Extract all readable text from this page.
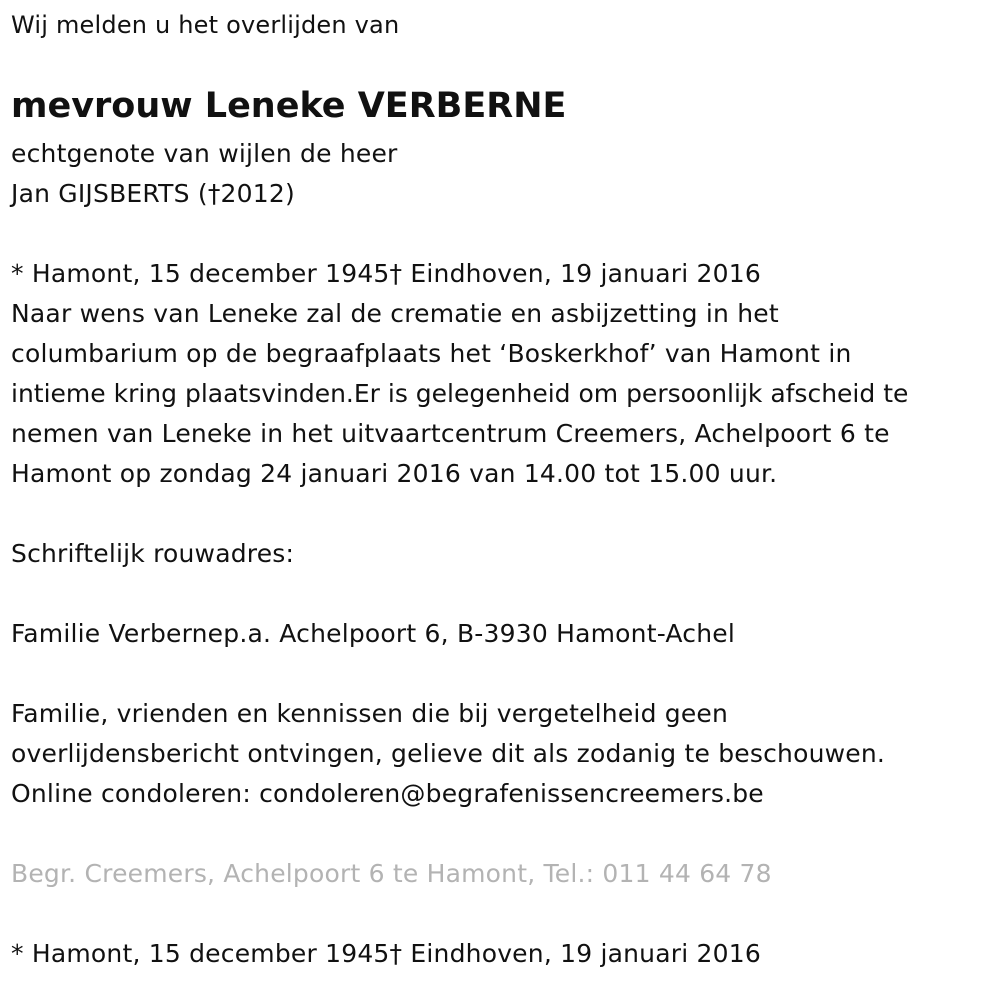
Wij melden u het overlijden van
mevrouw Leneke VERBERNE
echtgenote van wijlen de heer
Jan GIJSBERTS (†2012)
* Hamont, 15 december 1945† Eindhoven, 19 januari 2016
Naar wens van Leneke zal de crematie en asbijzetting in het
columbarium op de begraafplaats het ‘Boskerkhof’ van Hamont in
intieme kring plaatsvinden.Er is gelegenheid om persoonlijk afscheid te
nemen van Leneke in het uitvaartcentrum Creemers, Achelpoort 6 te
Hamont op zondag 24 januari 2016 van 14.00 tot 15.00 uur.
Schriftelijk rouwadres:
Familie Verbernep.a. Achelpoort 6, B-3930 Hamont-Achel
Familie, vrienden en kennissen die bij vergetelheid geen
overlijdensbericht ontvingen, gelieve dit als zodanig te beschouwen.
Online condoleren: condoleren@begrafenissencreemers.be
Begr. Creemers, Achelpoort 6 te Hamont, Tel.: 011 44 64 78
* Hamont, 15 december 1945† Eindhoven, 19 januari 2016
